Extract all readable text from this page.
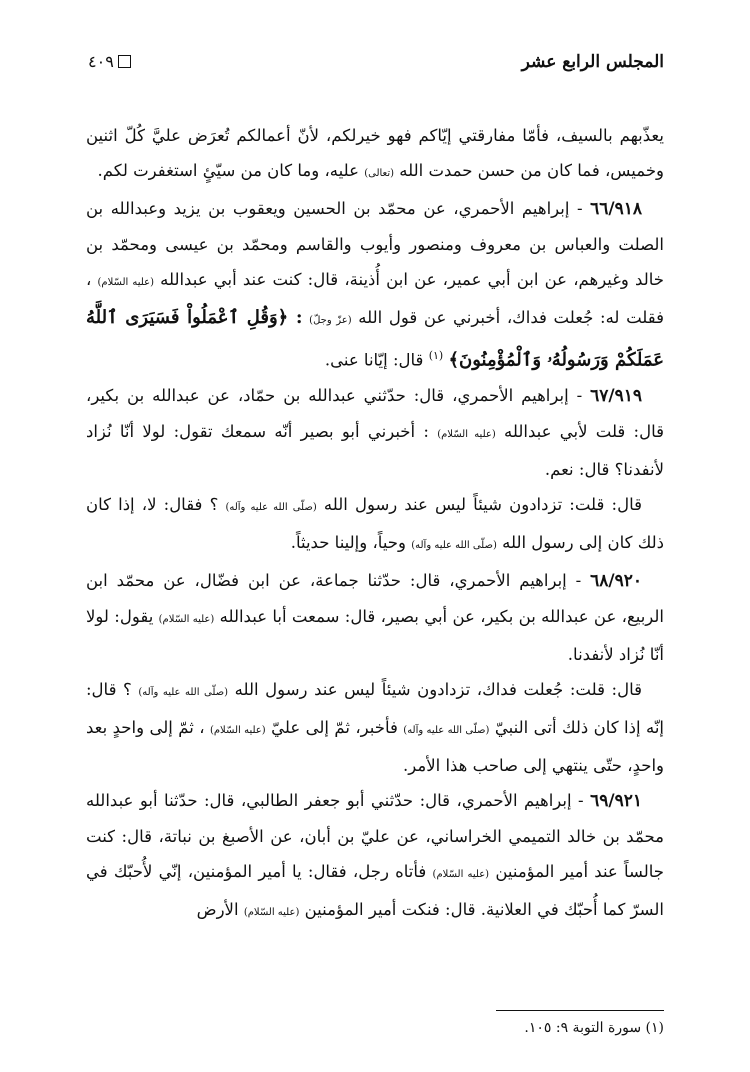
المجلس الرابع عشر
٤٠٩

يعذّبهم بالسيف، فأمّا مفارقتي إيّاكم فهو خيرلكم، لأنّ أعمالكم تُعرَض عليَّ كُلّ اثنين وخميس، فما كان من حسن حمدت الله (تعالى) عليه، وما كان من سيّئٍ استغفرت لكم.

٦٦/٩١٨ - إبراهيم الأحمري، عن محمّد بن الحسين ويعقوب بن يزيد وعبدالله بن الصلت والعباس بن معروف ومنصور وأيوب والقاسم ومحمّد بن عيسى ومحمّد بن خالد وغيرهم، عن ابن أبي عمير، عن ابن أُذينة، قال: كنت عند أبي عبدالله (عليه السّلام) ، فقلت له: جُعلت فداك، أخبرني عن قول الله (عزّ وجلّ) : ﴿وَقُلِ ٱعْمَلُواْ فَسَيَرَى ٱللَّهُ عَمَلَكُمْ وَرَسُولُهُۥ وَٱلْمُؤْمِنُونَ﴾ $^{(١)}$ قال: إيّانا عنى.

٦٧/٩١٩ - إبراهيم الأحمري، قال: حدّثني عبدالله بن حمّاد، عن عبدالله بن بكير، قال: قلت لأبي عبدالله (عليه السّلام) : أخبرني أبو بصير أنّه سمعك تقول: لولا أنّا نُزاد لأنفدنا؟ قال: نعم.

قال: قلت: تزدادون شيئاً ليس عند رسول الله (صلّى الله عليه وآله) ؟ فقال: لا، إذا كان ذلك كان إلى رسول الله (صلّى الله عليه وآله) وحياً، وإلينا حديثاً.

٦٨/٩٢٠ - إبراهيم الأحمري، قال: حدّثنا جماعة، عن ابن فضّال، عن محمّد ابن الربيع، عن عبدالله بن بكير، عن أبي بصير، قال: سمعت أبا عبدالله (عليه السّلام) يقول: لولا أنّا نُزاد لأنفدنا.

قال: قلت: جُعلت فداك، تزدادون شيئاً ليس عند رسول الله (صلّى الله عليه وآله) ؟ قال: إنّه إذا كان ذلك أتى النبيّ (صلّى الله عليه وآله) فأخبر، ثمّ إلى عليّ (عليه السّلام) ، ثمّ إلى واحدٍ بعد واحدٍ، حتّى ينتهي إلى صاحب هذا الأمر.

٦٩/٩٢١ - إبراهيم الأحمري، قال: حدّثني أبو جعفر الطالبي، قال: حدّثنا أبو عبدالله محمّد بن خالد التميمي الخراساني، عن عليّ بن أبان، عن الأصبغ بن نباتة، قال: كنت جالساً عند أمير المؤمنين (عليه السّلام) فأتاه رجل، فقال: يا أمير المؤمنين، إنّي لأُحبّك في السرّ كما أُحبّك في العلانية. قال: فنكت أمير المؤمنين (عليه السّلام) الأرض

(١) سورة التوبة ٩: ١٠٥.
